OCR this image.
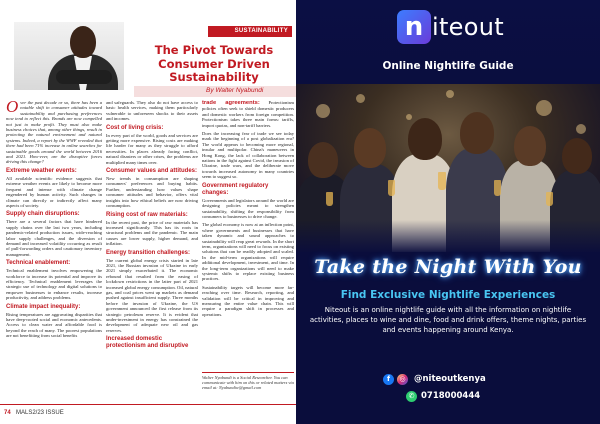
SUSTAINABILITY
The Pivot Towards Consumer Driven Sustainability
By Walter Nyabundi

Over the past decade or so, there has been a notable shift in consumer attitudes toward sustainability and purchasing preferences now tend to reflect this. Brands are now compelled not just to make profit. They must also make business choices that, among other things, result in protecting the natural environment and natural systems. Indeed, a report by the WWF revealed that there had been 71% increase in online searches for sustainable goods around the world between 2016 and 2021. How-ever, are the disruptive forces driving this change?

Extreme weather events:

All available scientific evidence suggests that extreme weather events are likely to become more frequent and intense with climate change engendered by human activity. Such changes in climate can directly or indirectly affect many aspects of society.

Supply chain disruptions:

There are a several factors that have hindered supply chains over the last two years, including pandemic-related production issues, wide-reaching labor supply challenges, and the diversion of demand and increased volatility occurring as result of pull-forwarding orders and cautionary inventory management.

Technical enablement:

Technical enablement involves empowering the workforce to increase its potential and improve its efficiency. Technical enablement leverages the strategic use of technology and digital solutions to empower businesses to enhance results, increase productivity, and address problems.

Climate impact inequality:

Rising temperatures are aggravating disparities that have deep-rooted social and economic antecedents. Access to clean water and affordable food is beyond the reach of many. The poorest populations are not benefitting from social benefits

and safeguards. They also do not have access to basic health services, making them particularly vulnerable to unforeseen shocks to their assets and incomes.

Cost of living crisis:

In every part of the world, goods and services are getting more expensive. Rising costs are making life harder for many as they struggle to afford necessities. In places already facing conflict, natural disasters or other crises, the problems are multiplied many times over.

Consumer values and attitudes:

New trends in consumption are shaping consumers' preferences and buying habits. Further, understanding how values shape consumer attitudes and behavior, offers vital insights into how ethical beliefs are now driving consumption.

Rising cost of raw materials:

In the recent past, the price of raw materials has increased significantly. This has its roots in structural problems and the pandemic. The main causes are lower supply, higher demand, and inflation.

Energy transition challenges:

The current global energy crisis started in late 2021, the Russian invasion of Ukraine in early 2021 simply exacerbated it. The economic rebound that resulted from the easing of lockdown restrictions in the latter part of 2021 increased global energy consumption. Oil, natural gas, and coal prices went up markets as demand pushed against insufficient supply. Three months before the invasion of Ukraine, the US government announced the first release from its strategic petroleum reserve. It is evident that under-investment in energy has constrained the development of adequate new oil and gas reserves.

Increased domestic protectionism and disruptive

trade agreements: Protectionism policies often seek to shield domestic producers and domestic workers from foreign competition. Protectionism takes three main forms: tariffs, import quotas, and non-tariff barriers.

Does the increasing fear of trade we see today mark the beginning of a post globalization era? The world appears to becoming more regional, insular and multipolar. China's maneuvers in Hong Kong, the lack of collaboration between nations in the fight against Covid, the invasion of Ukraine, trade wars, and the deliberate move towards increased autonomy in many countries seem to suggest so.

Government regulatory changes:

Governments and legislators around the world are designing policies meant to strengthen sustainability, shifting the responsibility from consumers to businesses to drive change.

The global economy is now at an inflection point, where governments and businesses that have taken dynamic and sound approaches to sustainability will reap great rewards. In the short term, organizations will need to focus on existing solutions that can be readily adopted and scaled. In the mid-term organizations will require additional development, investment, and time. In the long-term organizations will need to make systemic shifts to replace existing business practices.

Sustainability targets will become more far-reaching over time. Research, reporting, and validation will be critical in improving and measuring the entire value chain. This will require a paradigm shift in processes and operations.

Walter Nyabundi is a Social Researcher. You can communicate with him on this or related matters via email at: Nyabundiw@gmail.com
74 MALS2/23 ISSUE
n iteout
Online Nightlife Guide
Take the Night With You
Find Exclusive Nightlife Experiences
Niteout is an online nightlife guide with all the information on nightlife activities, places to wine and dine, food and drink offers, theme nights, parties and events happening around Kenya.
f	◎ @niteoutkenya
✆ 0718000444
